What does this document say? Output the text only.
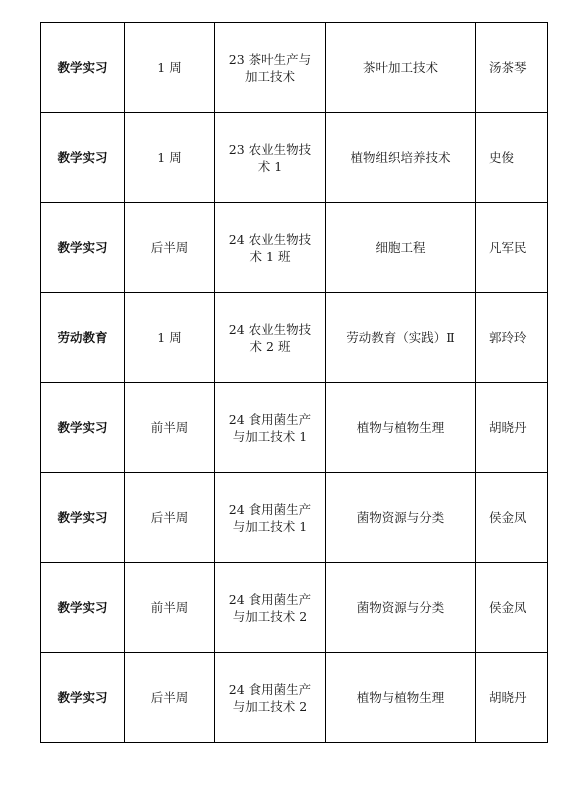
教学实习	1 周	23 茶叶生产与加工技术	茶叶加工技术	汤茶琴
教学实习	1 周	23 农业生物技术 1	植物组织培养技术	史俊
教学实习	后半周	24 农业生物技术 1 班	细胞工程	凡军民
劳动教育	1 周	24 农业生物技术 2 班	劳动教育（实践）Ⅱ	郭玲玲
教学实习	前半周	24 食用菌生产与加工技术 1	植物与植物生理	胡晓丹
教学实习	后半周	24 食用菌生产与加工技术 1	菌物资源与分类	侯金凤
教学实习	前半周	24 食用菌生产与加工技术 2	菌物资源与分类	侯金凤
教学实习	后半周	24 食用菌生产与加工技术 2	植物与植物生理	胡晓丹
